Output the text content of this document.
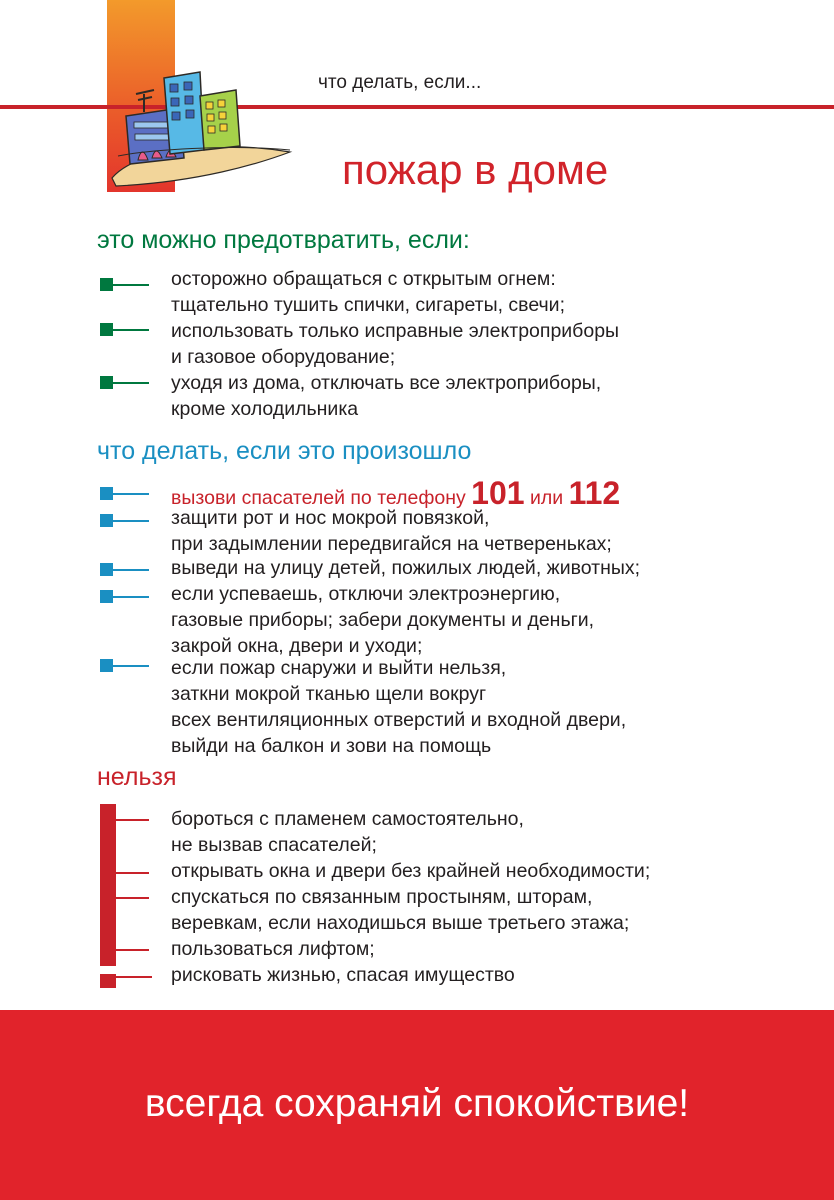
что делать, если...
пожар в доме
это можно предотвратить, если:
осторожно обращаться с открытым огнем:
тщательно тушить спички, сигареты, свечи;
использовать только исправные электроприборы
и газовое оборудование;
уходя из дома, отключать все электроприборы,
кроме холодильника
что делать, если это произошло
вызови спасателей по телефону 101 или 112
защити рот и нос мокрой повязкой,
при задымлении передвигайся на четвереньках;
выведи на улицу детей, пожилых людей, животных;
если успеваешь, отключи электроэнергию,
газовые приборы; забери документы и деньги,
закрой окна, двери и уходи;
если пожар снаружи и выйти нельзя,
заткни мокрой тканью щели вокруг
всех вентиляционных отверстий и входной двери,
выйди на балкон и зови на помощь
нельзя
бороться с пламенем самостоятельно,
не вызвав спасателей;
открывать окна и двери без крайней необходимости;
спускаться по связанным простыням, шторам,
веревкам, если находишься выше третьего этажа;
пользоваться лифтом;
рисковать жизнью, спасая имущество
всегда сохраняй спокойствие!
